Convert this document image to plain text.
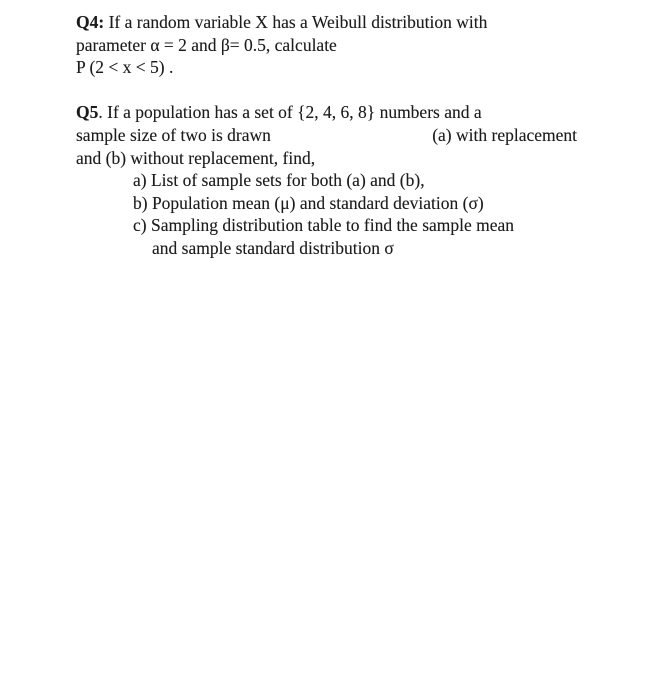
Q4: If a random variable X has a Weibull distribution with
parameter α = 2 and β= 0.5, calculate
P (2 < x < 5) .
Q5. If a population has a set of {2, 4, 6, 8} numbers and a
sample size of two is drawn	(a) with replacement
and (b) without replacement, find,
a) List of sample sets for both (a) and (b),
b) Population mean (μ) and standard deviation (σ)
c) Sampling distribution table to find the sample mean
and sample standard distribution σ
